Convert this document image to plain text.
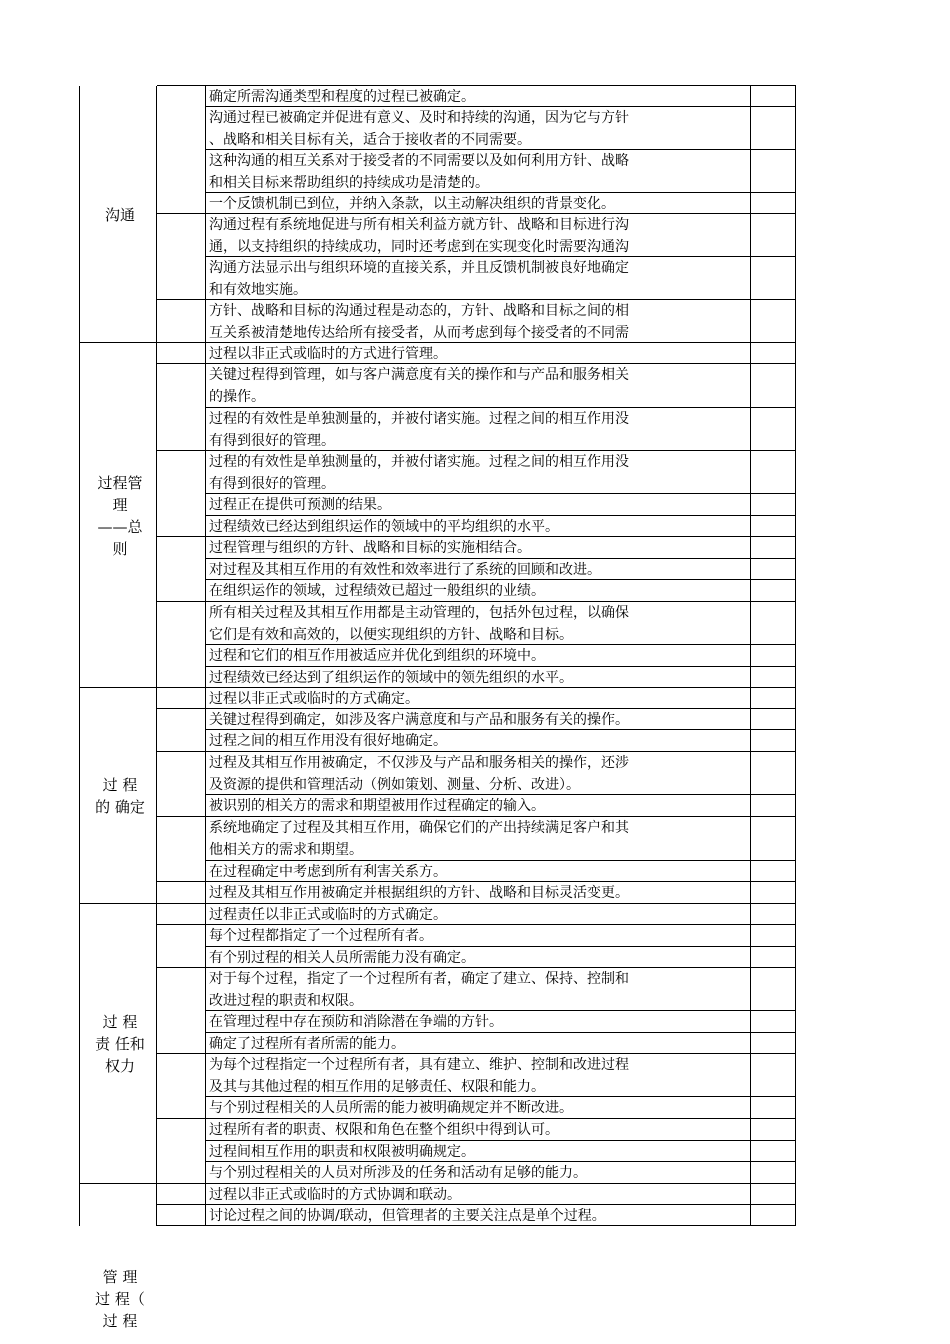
确定所需沟通类型和程度的过程已被确定。
沟通过程已被确定并促进有意义、及时和持续的沟通，因为它与方针
、战略和相关目标有关，适合于接收者的不同需要。
这种沟通的相互关系对于接受者的不同需要以及如何利用方针、战略
和相关目标来帮助组织的持续成功是清楚的。
一个反馈机制已到位，并纳入条款，以主动解决组织的背景变化。
沟通过程有系统地促进与所有相关利益方就方针、战略和目标进行沟
通，以支持组织的持续成功，同时还考虑到在实现变化时需要沟通沟
沟通方法显示出与组织环境的直接关系，并且反馈机制被良好地确定
和有效地实施。
方针、战略和目标的沟通过程是动态的，方针、战略和目标之间的相
互关系被清楚地传达给所有接受者，从而考虑到每个接受者的不同需
沟通
过程以非正式或临时的方式进行管理。
关键过程得到管理，如与客户满意度有关的操作和与产品和服务相关
的操作。
过程的有效性是单独测量的，并被付诸实施。过程之间的相互作用没
有得到很好的管理。
过程的有效性是单独测量的，并被付诸实施。过程之间的相互作用没
有得到很好的管理。
过程正在提供可预测的结果。
过程绩效已经达到组织运作的领域中的平均组织的水平。
过程管理与组织的方针、战略和目标的实施相结合。
对过程及其相互作用的有效性和效率进行了系统的回顾和改进。
在组织运作的领域，过程绩效已超过一般组织的业绩。
所有相关过程及其相互作用都是主动管理的，包括外包过程，以确保
它们是有效和高效的，以便实现组织的方针、战略和目标。
过程和它们的相互作用被适应并优化到组织的环境中。
过程绩效已经达到了组织运作的领域中的领先组织的水平。
过程管
理
——总
则
过程以非正式或临时的方式确定。
关键过程得到确定，如涉及客户满意度和与产品和服务有关的操作。
过程之间的相互作用没有很好地确定。
过程及其相互作用被确定，不仅涉及与产品和服务相关的操作，还涉
及资源的提供和管理活动（例如策划、测量、分析、改进）。
被识别的相关方的需求和期望被用作过程确定的输入。
系统地确定了过程及其相互作用，确保它们的产出持续满足客户和其
他相关方的需求和期望。
在过程确定中考虑到所有利害关系方。
过程及其相互作用被确定并根据组织的方针、战略和目标灵活变更。
过 程
的 确定
过程责任以非正式或临时的方式确定。
每个过程都指定了一个过程所有者。
有个别过程的相关人员所需能力没有确定。
对于每个过程，指定了一个过程所有者，确定了建立、保持、控制和
改进过程的职责和权限。
在管理过程中存在预防和消除潜在争端的方针。
确定了过程所有者所需的能力。
为每个过程指定一个过程所有者，具有建立、维护、控制和改进过程
及其与其他过程的相互作用的足够责任、权限和能力。
与个别过程相关的人员所需的能力被明确规定并不断改进。
过程所有者的职责、权限和角色在整个组织中得到认可。
过程间相互作用的职责和权限被明确规定。
与个别过程相关的人员对所涉及的任务和活动有足够的能力。
过 程
责 任和
权力
过程以非正式或临时的方式协调和联动。
讨论过程之间的协调/联动，但管理者的主要关注点是单个过程。
管 理
过 程（
过 程
